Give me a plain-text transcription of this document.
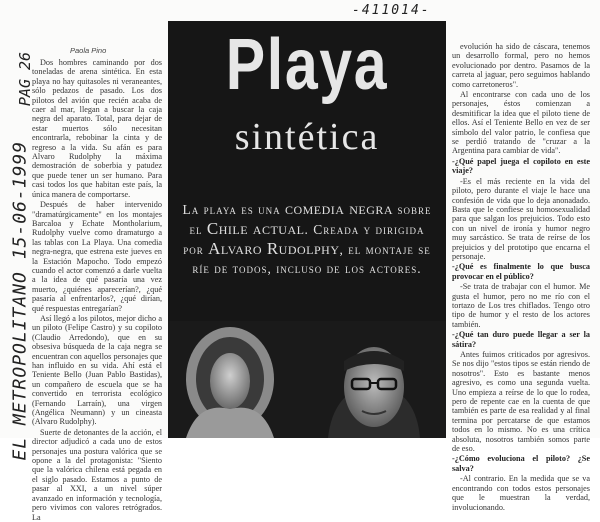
-411014-
EL METROPOLITANO 15-06-1999
PAG 26
Paola Pino

Dos hombres caminando por dos toneladas de arena sintética. En esta playa no hay quitasoles ni veraneantes, sólo pedazos de pasado. Los dos pilotos del avión que recién acaba de caer al mar, llegan a buscar la caja negra del aparato. Total, para dejar de estar muertos sólo necesitan encontrarla, rebobinar la cinta y de regreso a la vida. Su afán es para Alvaro Rudolphy la máxima demostración de soberbia y patudez que puede tener un ser humano. Para casi todos los que habitan este país, la única manera de comportarse.

Después de haber intervenido "dramatúrgicamente" en los montajes Barcaloa y Echate Montholarium, Rudolphy vuelve como dramaturgo a las tablas con La Playa. Una comedia negra-negra, que estrena este jueves en la Estación Mapocho. Todo empezó cuando el actor comenzó a darle vuelta a la idea de qué pasaría una vez muerto, ¿quiénes aparecerían?, ¿qué pasaría al enfrentarlos?, ¿qué dirían, qué respuestas entregarían?

Así llegó a los pilotos, mejor dicho a un piloto (Felipe Castro) y su copiloto (Claudio Arredondo), que en su obsesiva búsqueda de la caja negra se encuentran con aquellos personajes que han influido en su vida. Ahí está el Teniente Bello (Juan Pablo Bastidas), un compañero de escuela que se ha convertido en terrorista ecológico (Fernando Larraín), una virgen (Angélica Neumann) y un cineasta (Alvaro Rudolphy).

Suerte de detonantes de la acción, el director adjudicó a cada uno de estos personajes una postura valórica que se opone a la del protagonista: "Siento que la valórica chilena está pegada en el siglo pasado. Estamos a punto de pasar al XXI, a un nivel súper avanzado en información y tecnología, pero vivimos con valores retrógrados. La

Playa
sintética
La playa es una comedia negra sobre el Chile actual. Creada y dirigida por Alvaro Rudolphy, el montaje se ríe de todos, incluso de los actores.

evolución ha sido de cáscara, tenemos un desarrollo formal, pero no hemos evolucionado por dentro. Pasamos de la carreta al jaguar, pero seguimos hablando como carretoneros".

Al encontrarse con cada uno de los personajes, éstos comienzan a desmitificar la idea que el piloto tiene de ellos. Así el Teniente Bello en vez de ser símbolo del valor patrio, le confiesa que se perdió tratando de "cruzar a la Argentina para cambiar de vida".

-¿Qué papel juega el copiloto en este viaje?

-Es el más reciente en la vida del piloto, pero durante el viaje le hace una confesión de vida que lo deja anonadado. Basta que le confiese su homosexualidad para que salgan los prejuicios. Todo esto con un nivel de ironía y humor negro muy sarcástico. Se trata de reírse de los prejuicios y del prototipo que encarna el personaje.

-¿Qué es finalmente lo que busca provocar en el público?

-Se trata de trabajar con el humor. Me gusta el humor, pero no me río con el tortazo de Los tres chiflados. Tengo otro tipo de humor y el resto de los actores también.

-¿Qué tan duro puede llegar a ser la sátira?

Antes fuimos criticados por agresivos. Se nos dijo "estos tipos se están riendo de nosotros". Esto es bastante menos agresivo, es como una segunda vuelta. Uno empieza a reírse de lo que lo rodea, pero de repente cae en la cuenta de que también es parte de esa realidad y al final termina por percatarse de que estamos todos en lo mismo. No es una crítica absoluta, nosotros también somos parte de eso.

-¿Cómo evoluciona el piloto? ¿Se salva?

-Al contrario. En la medida que se va encontrando con todos estos personajes que le muestran la verdad, involucionando.
